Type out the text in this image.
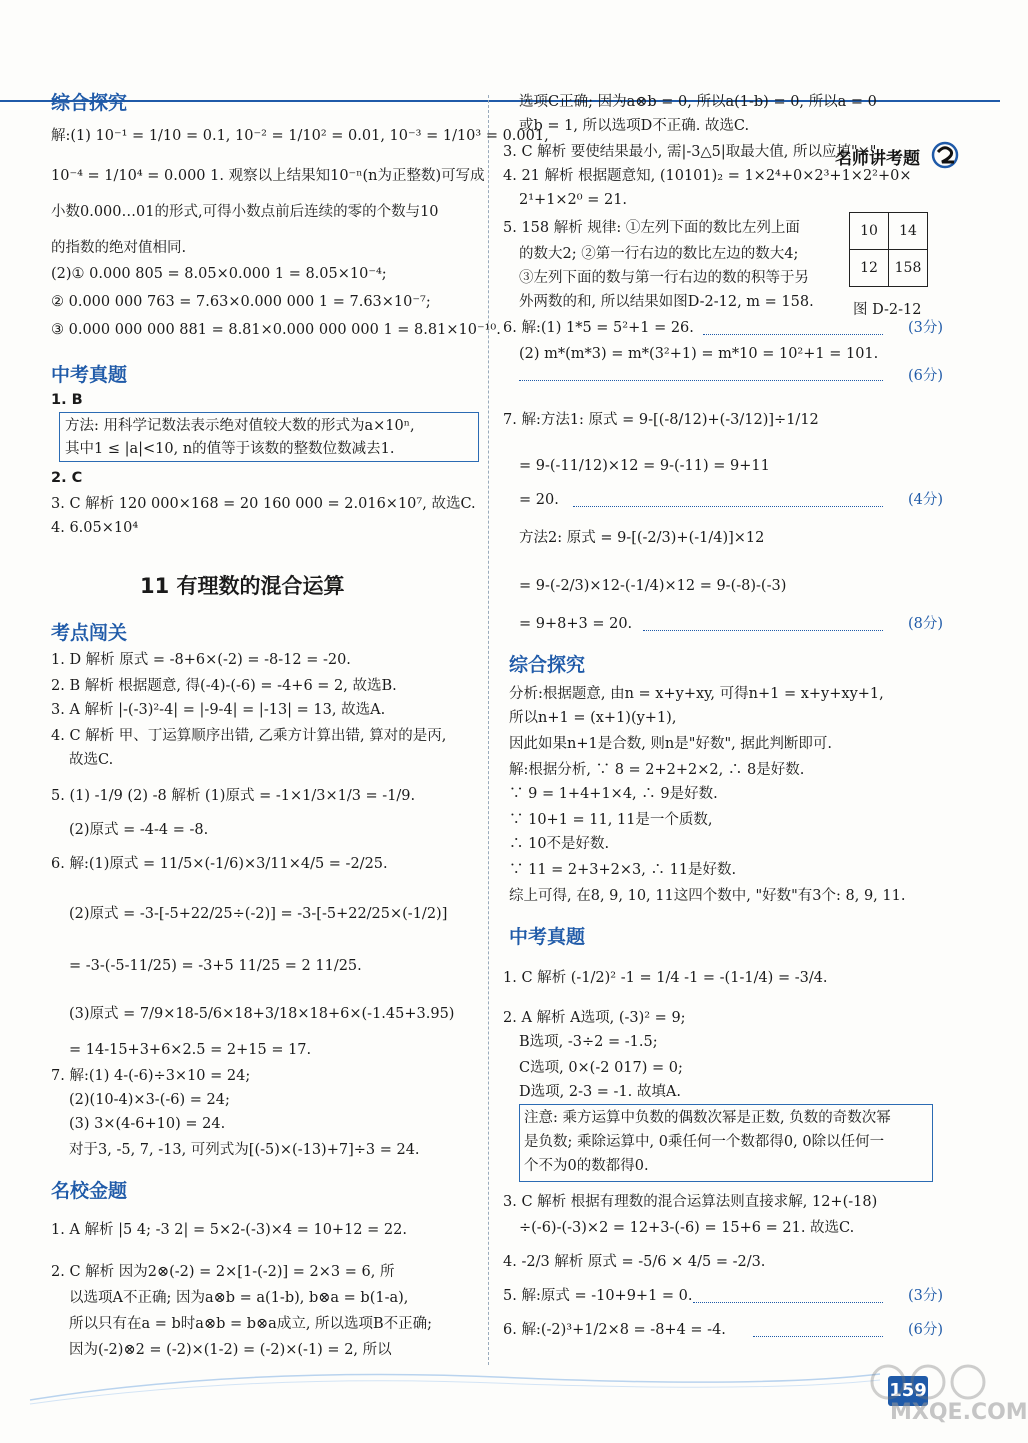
名师讲考题
综合探究
解:(1) 10⁻¹ = 1/10 = 0.1, 10⁻² = 1/10² = 0.01, 10⁻³ = 1/10³ = 0.001,
10⁻⁴ = 1/10⁴ = 0.000 1. 观察以上结果知10⁻ⁿ(n为正整数)可写成
小数0.000…01的形式,可得小数点前后连续的零的个数与10
的指数的绝对值相同.
(2)① 0.000 805 = 8.05×0.000 1 = 8.05×10⁻⁴;
② 0.000 000 763 = 7.63×0.000 000 1 = 7.63×10⁻⁷;
③ 0.000 000 000 881 = 8.81×0.000 000 000 1 = 8.81×10⁻¹⁰.
中考真题
1. B
方法: 用科学记数法表示绝对值较大数的形式为a×10ⁿ,
其中1 ≤ |a|<10, n的值等于该数的整数位数减去1.
2. C
3. C 解析 120 000×168 = 20 160 000 = 2.016×10⁷, 故选C.
4. 6.05×10⁴
11 有理数的混合运算
考点闯关
1. D 解析 原式 = -8+6×(-2) = -8-12 = -20.
2. B 解析 根据题意, 得(-4)-(-6) = -4+6 = 2, 故选B.
3. A 解析 |-(-3)²-4| = |-9-4| = |-13| = 13, 故选A.
4. C 解析 甲、丁运算顺序出错, 乙乘方计算出错, 算对的是丙,
故选C.
5. (1) -1/9 (2) -8 解析 (1)原式 = -1×1/3×1/3 = -1/9.
(2)原式 = -4-4 = -8.
6. 解:(1)原式 = 11/5×(-1/6)×3/11×4/5 = -2/25.
(2)原式 = -3-[-5+22/25÷(-2)] = -3-[-5+22/25×(-1/2)]
= -3-(-5-11/25) = -3+5 11/25 = 2 11/25.
(3)原式 = 7/9×18-5/6×18+3/18×18+6×(-1.45+3.95)
= 14-15+3+6×2.5 = 2+15 = 17.
7. 解:(1) 4-(-6)÷3×10 = 24;
(2)(10-4)×3-(-6) = 24;
(3) 3×(4-6+10) = 24.
对于3, -5, 7, -13, 可列式为[(-5)×(-13)+7]÷3 = 24.
名校金题
1. A 解析 |5 4; -3 2| = 5×2-(-3)×4 = 10+12 = 22.
2. C 解析 因为2⊗(-2) = 2×[1-(-2)] = 2×3 = 6, 所
以选项A不正确; 因为a⊗b = a(1-b), b⊗a = b(1-a),
所以只有在a = b时a⊗b = b⊗a成立, 所以选项B不正确;
因为(-2)⊗2 = (-2)×(1-2) = (-2)×(-1) = 2, 所以
选项C正确; 因为a⊗b = 0, 所以a(1-b) = 0, 所以a = 0
或b = 1, 所以选项D不正确. 故选C.
3. C 解析 要使结果最小, 需|-3△5|取最大值, 所以应填"×".
4. 21 解析 根据题意知, (10101)₂ = 1×2⁴+0×2³+1×2²+0×
2¹+1×2⁰ = 21.
5. 158 解析 规律: ①左列下面的数比左列上面
的数大2; ②第一行右边的数比左边的数大4;
③左列下面的数与第一行右边的数的积等于另
外两数的和, 所以结果如图D-2-12, m = 158.
10	14
12	158
图 D-2-12
6. 解:(1) 1*5 = 5²+1 = 26.	(3分)
(2) m*(m*3) = m*(3²+1) = m*10 = 10²+1 = 101.
(6分)
7. 解:方法1: 原式 = 9-[(-8/12)+(-3/12)]÷1/12
= 9-(-11/12)×12 = 9-(-11) = 9+11
= 20.	(4分)
方法2: 原式 = 9-[(-2/3)+(-1/4)]×12
= 9-(-2/3)×12-(-1/4)×12 = 9-(-8)-(-3)
= 9+8+3 = 20.	(8分)
综合探究
分析:根据题意, 由n = x+y+xy, 可得n+1 = x+y+xy+1,
所以n+1 = (x+1)(y+1),
因此如果n+1是合数, 则n是"好数", 据此判断即可.
解:根据分析, ∵ 8 = 2+2+2×2, ∴ 8是好数.
∵ 9 = 1+4+1×4, ∴ 9是好数.
∵ 10+1 = 11, 11是一个质数,
∴ 10不是好数.
∵ 11 = 2+3+2×3, ∴ 11是好数.
综上可得, 在8, 9, 10, 11这四个数中, "好数"有3个: 8, 9, 11.
中考真题
1. C 解析 (-1/2)² -1 = 1/4 -1 = -(1-1/4) = -3/4.
2. A 解析 A选项, (-3)² = 9;
B选项, -3÷2 = -1.5;
C选项, 0×(-2 017) = 0;
D选项, 2-3 = -1. 故填A.
注意: 乘方运算中负数的偶数次幂是正数, 负数的奇数次幂
是负数; 乘除运算中, 0乘任何一个数都得0, 0除以任何一
个不为0的数都得0.
3. C 解析 根据有理数的混合运算法则直接求解, 12+(-18)
÷(-6)-(-3)×2 = 12+3-(-6) = 15+6 = 21. 故选C.
4. -2/3 解析 原式 = -5/6 × 4/5 = -2/3.
5. 解:原式 = -10+9+1 = 0.	(3分)
6. 解:(-2)³+1/2×8 = -8+4 = -4.	(6分)
159
MXQE.COM
